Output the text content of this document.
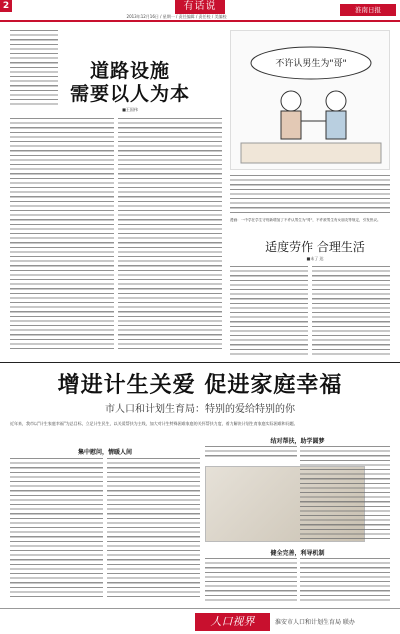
2	有话说
2013年12月16日 / 星期一 / 责任编辑 / 责任校 / 美编校
淮南日报
道路设施
需要以人为本
■王国伟
不许认男生为"哥"
漫画：一中学在学生守则新增加了不许认男生为"哥"，不许被男生有女朋友等规定，引发热议。
适度劳作 合理生活
■未了 达
增进计生关爱 促进家庭幸福
市人口和计划生育局：特别的爱给特别的你
近年来，我市以"计生家庭幸福"为总目标，立足计生民生，以关爱帮扶为主线，加大对计生特殊困难家庭的关怀帮扶力度，着力解决计划生育家庭实际困难和问题。
集中慰问，情暖人间
结对帮扶，助学圆梦
健全完善，利导机制
人口视界	淮安市人口和计划生育局 联办
